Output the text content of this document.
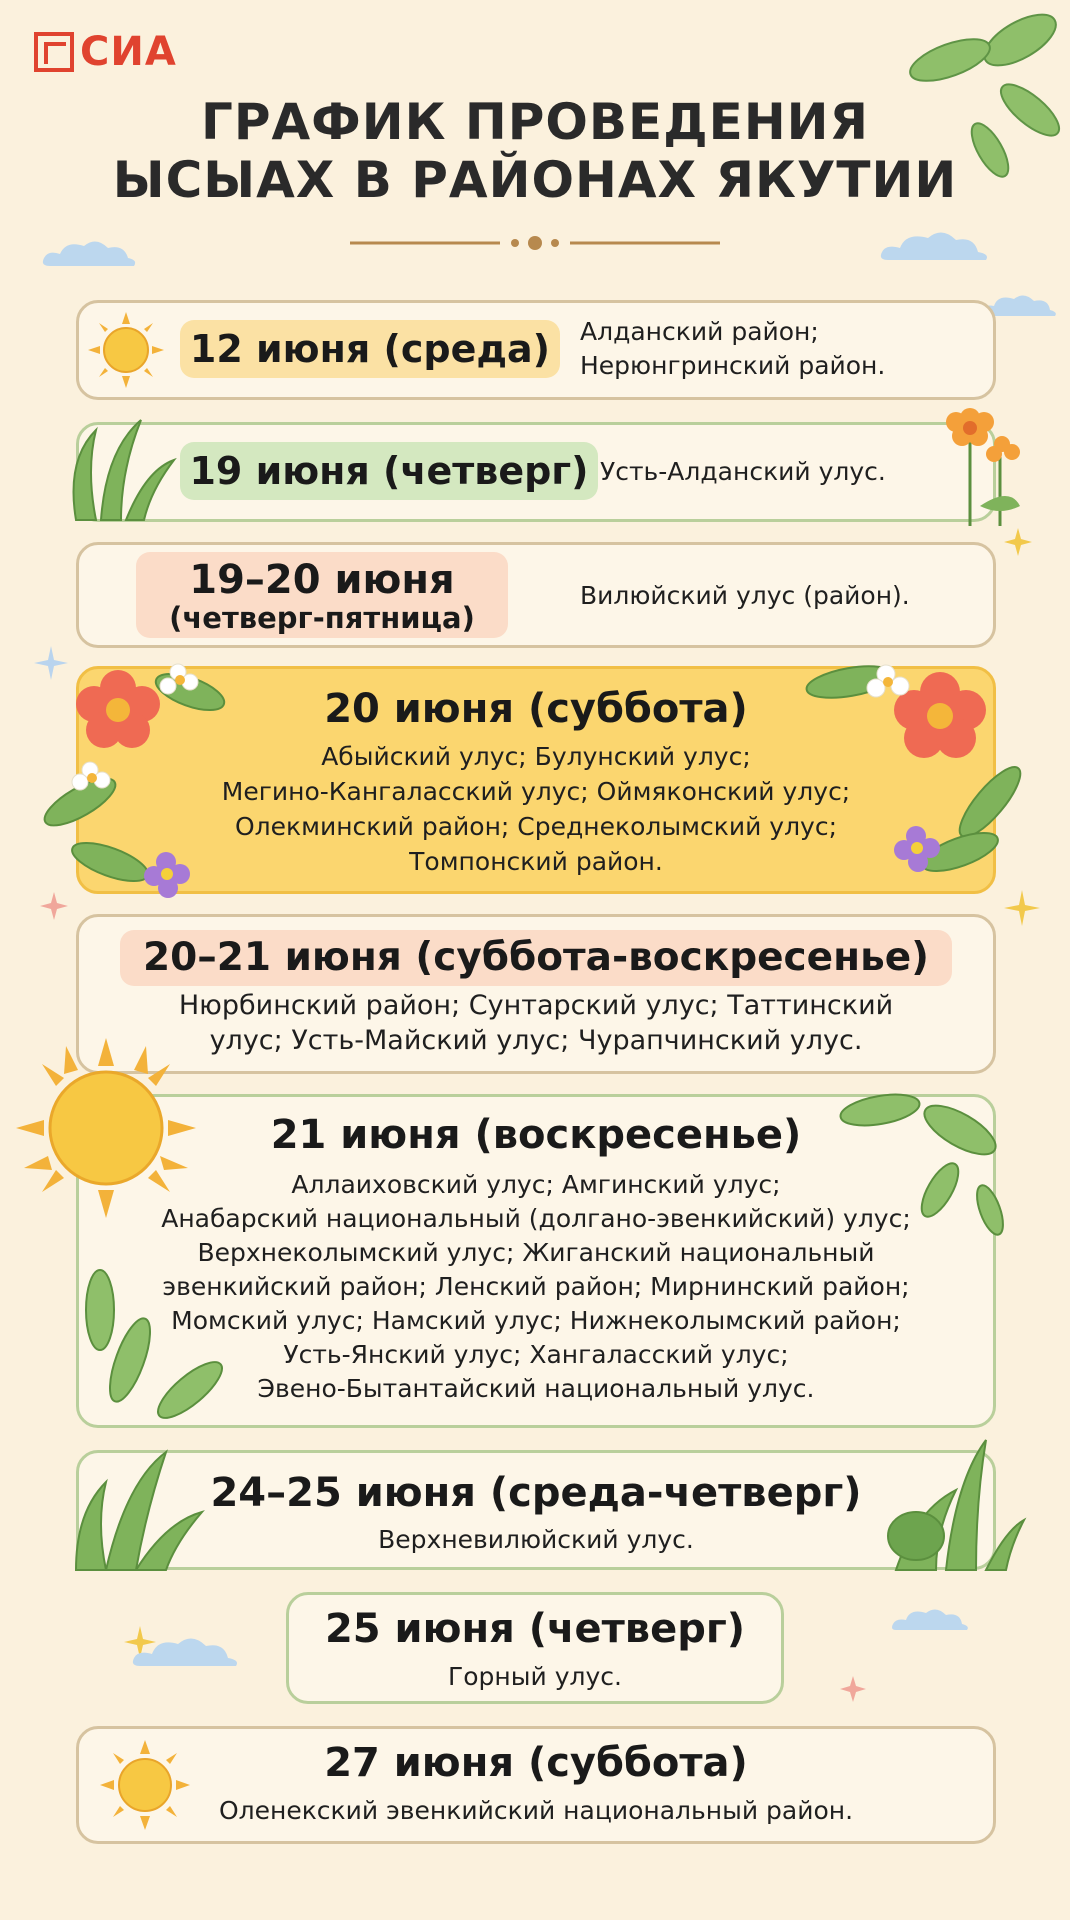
СИА
ГРАФИК ПРОВЕДЕНИЯ
ЫСЫАХ В РАЙОНАХ ЯКУТИИ
12 июня (среда)	Алданский район;
Нерюнгринский район.
19 июня (четверг) Усть-Алданский улус.
19–20 июня
(четверг-пятница)
Вилюйский улус (район).
20 июня (суббота)
Абыйский улус; Булунский улус;
Мегино-Кангаласский улус; Оймяконский улус;
Олекминский район; Среднеколымский улус;
Томпонский район.
20–21 июня (суббота-воскресенье)
Нюрбинский район; Сунтарский улус; Таттинский
улус; Усть-Майский улус; Чурапчинский улус.
21 июня (воскресенье)
Аллаиховский улус; Амгинский улус;
Анабарский национальный (долгано-эвенкийский) улус;
Верхнеколымский улус; Жиганский национальный
эвенкийский район; Ленский район; Мирнинский район;
Момский улус; Намский улус; Нижнеколымский район;
Усть-Янский улус; Хангаласский улус;
Эвено-Бытантайский национальный улус.
24–25 июня (среда-четверг)
Верхневилюйский улус.
25 июня (четверг)
Горный улус.
27 июня (суббота)
Оленекский эвенкийский национальный район.
